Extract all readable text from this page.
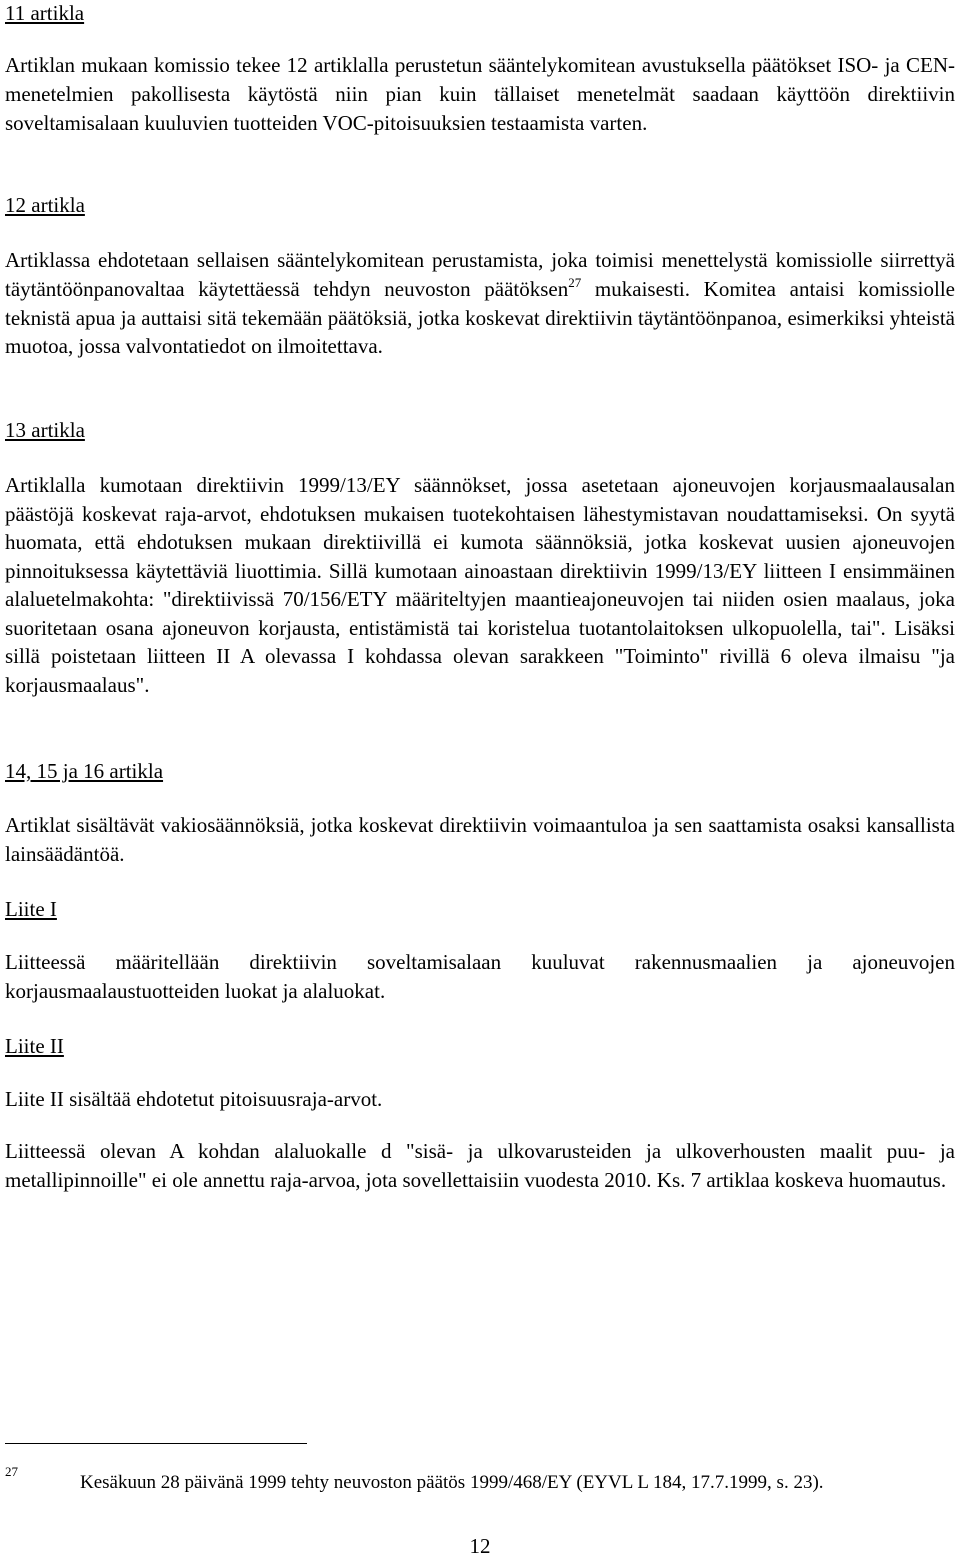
11 artikla

Artiklan mukaan komissio tekee 12 artiklalla perustetun sääntelykomitean avustuksella päätökset ISO- ja CEN-menetelmien pakollisesta käytöstä niin pian kuin tällaiset menetelmät saadaan käyttöön direktiivin soveltamisalaan kuuluvien tuotteiden VOC-pitoisuuksien testaamista varten.

12 artikla

Artiklassa ehdotetaan sellaisen sääntelykomitean perustamista, joka toimisi menettelystä komissiolle siirrettyä täytäntöönpanovaltaa käytettäessä tehdyn neuvoston päätöksen$^{27}$ mukaisesti. Komitea antaisi komissiolle teknistä apua ja auttaisi sitä tekemään päätöksiä, jotka koskevat direktiivin täytäntöönpanoa, esimerkiksi yhteistä muotoa, jossa valvontatiedot on ilmoitettava.

13 artikla

Artiklalla kumotaan direktiivin 1999/13/EY säännökset, jossa asetetaan ajoneuvojen korjausmaalausalan päästöjä koskevat raja-arvot, ehdotuksen mukaisen tuotekohtaisen lähestymistavan noudattamiseksi. On syytä huomata, että ehdotuksen mukaan direktiivillä ei kumota säännöksiä, jotka koskevat uusien ajoneuvojen pinnoituksessa käytettäviä liuottimia. Sillä kumotaan ainoastaan direktiivin 1999/13/EY liitteen I ensimmäinen alaluetelmakohta: "direktiivissä 70/156/ETY määriteltyjen maantieajoneuvojen tai niiden osien maalaus, joka suoritetaan osana ajoneuvon korjausta, entistämistä tai koristelua tuotantolaitoksen ulkopuolella, tai". Lisäksi sillä poistetaan liitteen II A olevassa I kohdassa olevan sarakkeen "Toiminto" rivillä 6 oleva ilmaisu "ja korjausmaalaus".

14, 15 ja 16 artikla

Artiklat sisältävät vakiosäännöksiä, jotka koskevat direktiivin voimaantuloa ja sen saattamista osaksi kansallista lainsäädäntöä.

Liite I

Liitteessä määritellään direktiivin soveltamisalaan kuuluvat rakennusmaalien ja ajoneuvojen korjausmaalaustuotteiden luokat ja alaluokat.

Liite II

Liite II sisältää ehdotetut pitoisuusraja-arvot.

Liitteessä olevan A kohdan alaluokalle d "sisä- ja ulkovarusteiden ja ulkoverhousten maalit puu- ja metallipinnoille" ei ole annettu raja-arvoa, jota sovellettaisiin vuodesta 2010. Ks. 7 artiklaa koskeva huomautus.

27
Kesäkuun 28 päivänä 1999 tehty neuvoston päätös 1999/468/EY (EYVL L 184, 17.7.1999, s. 23).
12
